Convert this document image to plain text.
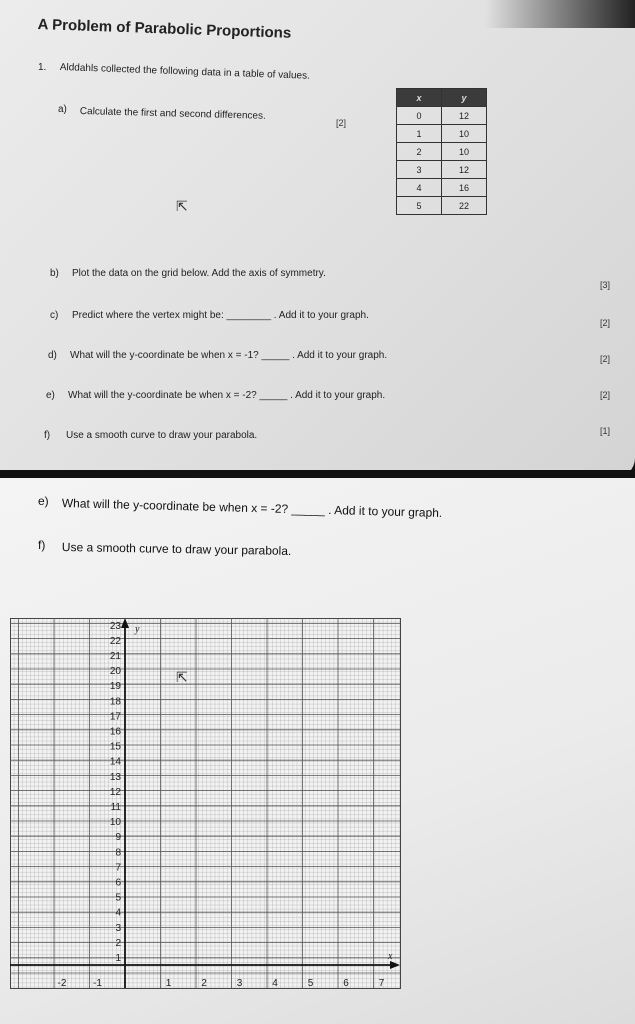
A Problem of Parabolic Proportions
1. Alddahls collected the following data in a table of values.
a) Calculate the first and second differences.
[2]
x	y
0	12
1	10
2	10
3	12
4	16
5	22
⇱
b) Plot the data on the grid below. Add the axis of symmetry.
[3]
c) Predict where the vertex might be: ________ . Add it to your graph.
[2]
d) What will the y-coordinate be when x = -1? _____ . Add it to your graph.	[2]
e) What will the y-coordinate be when x = -2? _____ . Add it to your graph.	[2]
f) Use a smooth curve to draw your parabola.	[1]
e) What will the y-coordinate be when x = -2? _____ . Add it to your graph.
f) Use a smooth curve to draw your parabola.
y
x
23
22
21
20
19
18
17
16
15
14
13
12
11
10
9
8
7
6
5
4
3
2
1
-2	-1	1	2	3	4	5	6	7
⇱
